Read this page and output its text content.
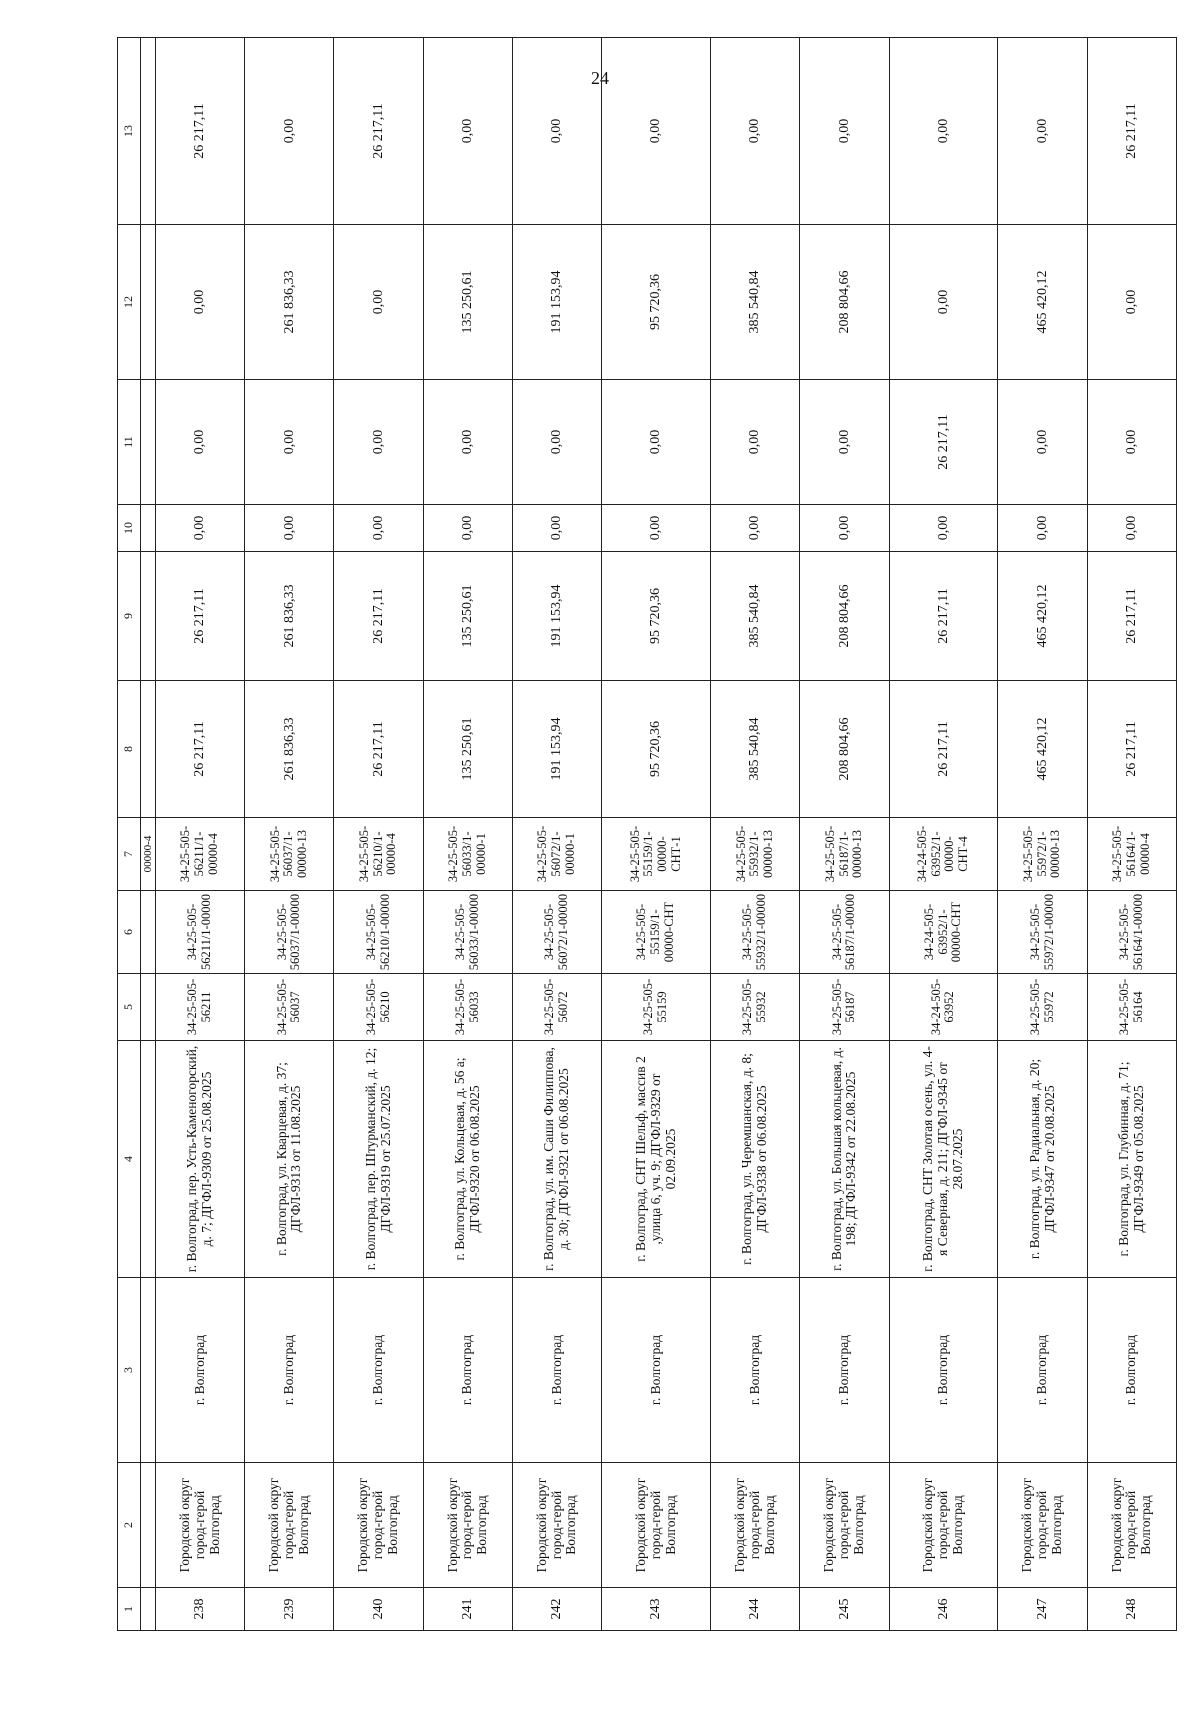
24
1	2	3	4	5	6	7	8	9	10	11	12	13
						00000-4						
238	Городской округ город-герой Волгоград	г. Волгоград	г. Волгоград, пер. Усть-Каменогорский, д. 7; ДГФЛ-9309 от 25.08.2025	34-25-505-56211	34-25-505-56211/1-00000	34-25-505-56211/1-00000-4	26 217,11	26 217,11	0,00	0,00	0,00	26 217,11
239	Городской округ город-герой Волгоград	г. Волгоград	г. Волгоград, ул. Кварцевая, д. 37; ДГФЛ-9313 от 11.08.2025	34-25-505-56037	34-25-505-56037/1-00000	34-25-505-56037/1-00000-13	261 836,33	261 836,33	0,00	0,00	261 836,33	0,00
240	Городской округ город-герой Волгоград	г. Волгоград	г. Волгоград, пер. Штурманский, д. 12; ДГФЛ-9319 от 25.07.2025	34-25-505-56210	34-25-505-56210/1-00000	34-25-505-56210/1-00000-4	26 217,11	26 217,11	0,00	0,00	0,00	26 217,11
241	Городской округ город-герой Волгоград	г. Волгоград	г. Волгоград, ул. Кольцевая, д. 56 а; ДГФЛ-9320 от 06.08.2025	34-25-505-56033	34-25-505-56033/1-00000	34-25-505-56033/1-00000-1	135 250,61	135 250,61	0,00	0,00	135 250,61	0,00
242	Городской округ город-герой Волгоград	г. Волгоград	г. Волгоград, ул. им. Саши Филиппова, д. 30; ДГФЛ-9321 от 06.08.2025	34-25-505-56072	34-25-505-56072/1-00000	34-25-505-56072/1-00000-1	191 153,94	191 153,94	0,00	0,00	191 153,94	0,00
243	Городской округ город-герой Волгоград	г. Волгоград	г. Волгоград, СНТ Шельф, массив 2 ,улица 6, уч. 9; ДГФЛ-9329 от 02.09.2025	34-25-505-55159	34-25-505-55159/1-00000-СНТ	34-25-505-55159/1-00000-СНТ-1	95 720,36	95 720,36	0,00	0,00	95 720,36	0,00
244	Городской округ город-герой Волгоград	г. Волгоград	г. Волгоград, ул. Черемшанская, д. 8; ДГФЛ-9338 от 06.08.2025	34-25-505-55932	34-25-505-55932/1-00000	34-25-505-55932/1-00000-13	385 540,84	385 540,84	0,00	0,00	385 540,84	0,00
245	Городской округ город-герой Волгоград	г. Волгоград	г. Волгоград, ул. Большая кольцевая, д. 198; ДГФЛ-9342 от 22.08.2025	34-25-505-56187	34-25-505-56187/1-00000	34-25-505-56187/1-00000-13	208 804,66	208 804,66	0,00	0,00	208 804,66	0,00
246	Городской округ город-герой Волгоград	г. Волгоград	г. Волгоград, СНТ Золотая осень, ул. 4-я Северная, д. 211; ДГФЛ-9345 от 28.07.2025	34-24-505-63952	34-24-505-63952/1-00000-СНТ	34-24-505-63952/1-00000-СНТ-4	26 217,11	26 217,11	0,00	26 217,11	0,00	0,00
247	Городской округ город-герой Волгоград	г. Волгоград	г. Волгоград, ул. Радиальная, д. 20; ДГФЛ-9347 от 20.08.2025	34-25-505-55972	34-25-505-55972/1-00000	34-25-505-55972/1-00000-13	465 420,12	465 420,12	0,00	0,00	465 420,12	0,00
248	Городской округ город-герой Волгоград	г. Волгоград	г. Волгоград, ул. Глубинная, д. 71; ДГФЛ-9349 от 05.08.2025	34-25-505-56164	34-25-505-56164/1-00000	34-25-505-56164/1-00000-4	26 217,11	26 217,11	0,00	0,00	0,00	26 217,11
